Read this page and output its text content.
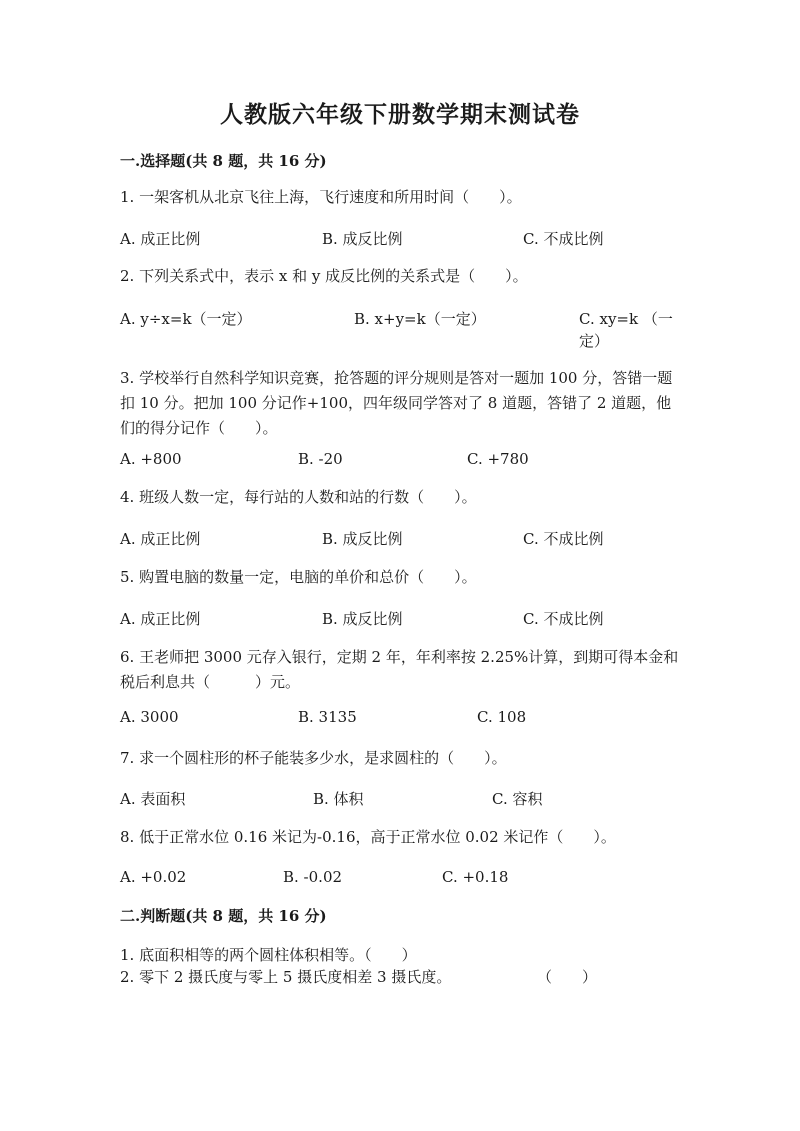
人教版六年级下册数学期末测试卷
一.选择题(共 8 题，共 16 分)
1. 一架客机从北京飞往上海，飞行速度和所用时间（　　）。
A. 成正比例	B. 成反比例	C. 不成比例
2. 下列关系式中，表示 x 和 y 成反比例的关系式是（　　）。
A. y÷x=k（一定）	B. x+y=k（一定）	C. xy=k （一定）
3. 学校举行自然科学知识竞赛，抢答题的评分规则是答对一题加 100 分，答错一题扣 10 分。把加 100 分记作+100，四年级同学答对了 8 道题，答错了 2 道题，他们的得分记作（　　）。
A. +800	B. -20	C. +780
4. 班级人数一定，每行站的人数和站的行数（　　）。
A. 成正比例	B. 成反比例	C. 不成比例
5. 购置电脑的数量一定，电脑的单价和总价（　　）。
A. 成正比例	B. 成反比例	C. 不成比例
6. 王老师把 3000 元存入银行，定期 2 年，年利率按 2.25%计算，到期可得本金和税后利息共（　　　）元。
A. 3000	B. 3135	C. 108
7. 求一个圆柱形的杯子能装多少水，是求圆柱的（　　）。
A. 表面积	B. 体积	C. 容积
8. 低于正常水位 0.16 米记为-0.16，高于正常水位 0.02 米记作（　　）。
A. +0.02	B. -0.02	C. +0.18
二.判断题(共 8 题，共 16 分)
1. 底面积相等的两个圆柱体积相等。（　　）
2. 零下 2 摄氏度与零上 5 摄氏度相差 3 摄氏度。	（　　）
